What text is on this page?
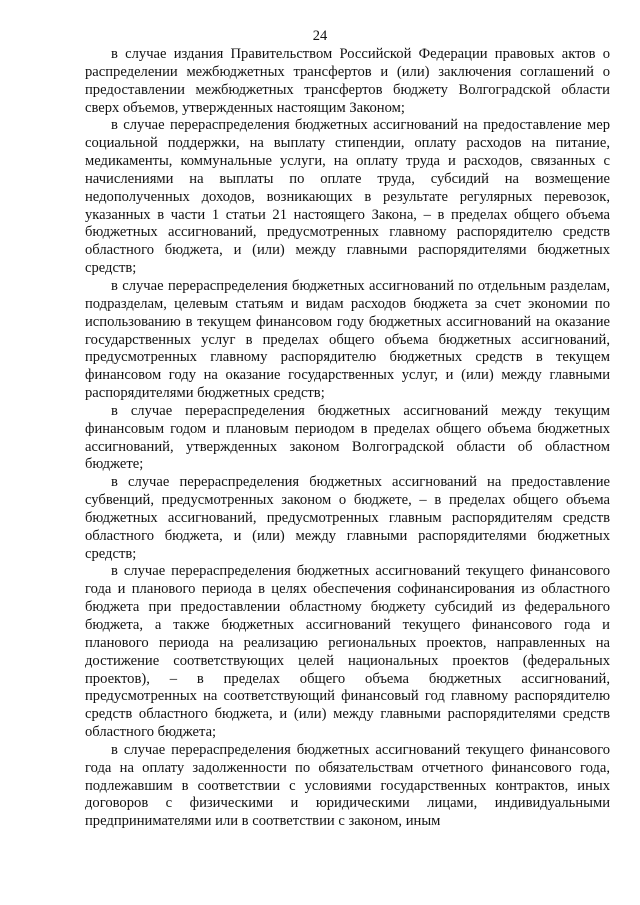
24

в случае издания Правительством Российской Федерации правовых актов о распределении межбюджетных трансфертов и (или) заключения соглашений о предоставлении межбюджетных трансфертов бюджету Волгоградской области сверх объемов, утвержденных настоящим Законом;

в случае перераспределения бюджетных ассигнований на предоставление мер социальной поддержки, на выплату стипендии, оплату расходов на питание, медикаменты, коммунальные услуги, на оплату труда и расходов, связанных с начислениями на выплаты по оплате труда, субсидий на возмещение недополученных доходов, возникающих в результате регулярных перевозок, указанных в части 1 статьи 21 настоящего Закона, – в пределах общего объема бюджетных ассигнований, предусмотренных главному распорядителю средств областного бюджета, и (или) между главными распорядителями бюджетных средств;

в случае перераспределения бюджетных ассигнований по отдельным разделам, подразделам, целевым статьям и видам расходов бюджета за счет экономии по использованию в текущем финансовом году бюджетных ассигнований на оказание государственных услуг в пределах общего объема бюджетных ассигнований, предусмотренных главному распорядителю бюджетных средств в текущем финансовом году на оказание государственных услуг, и (или) между главными распорядителями бюджетных средств;

в случае перераспределения бюджетных ассигнований между текущим финансовым годом и плановым периодом в пределах общего объема бюджетных ассигнований, утвержденных законом Волгоградской области об областном бюджете;

в случае перераспределения бюджетных ассигнований на предоставление субвенций, предусмотренных законом о бюджете, – в пределах общего объема бюджетных ассигнований, предусмотренных главным распорядителям средств областного бюджета, и (или) между главными распорядителями бюджетных средств;

в случае перераспределения бюджетных ассигнований текущего финансового года и планового периода в целях обеспечения софинансирования из областного бюджета при предоставлении областному бюджету субсидий из федерального бюджета, а также бюджетных ассигнований текущего финансового года и планового периода на реализацию региональных проектов, направленных на достижение соответствующих целей национальных проектов (федеральных проектов), – в пределах общего объема бюджетных ассигнований, предусмотренных на соответствующий финансовый год главному распорядителю средств областного бюджета, и (или) между главными распорядителями средств областного бюджета;

в случае перераспределения бюджетных ассигнований текущего финансового года на оплату задолженности по обязательствам отчетного финансового года, подлежавшим в соответствии с условиями государственных контрактов, иных договоров с физическими и юридическими лицами, индивидуальными предпринимателями или в соответствии с законом, иным
